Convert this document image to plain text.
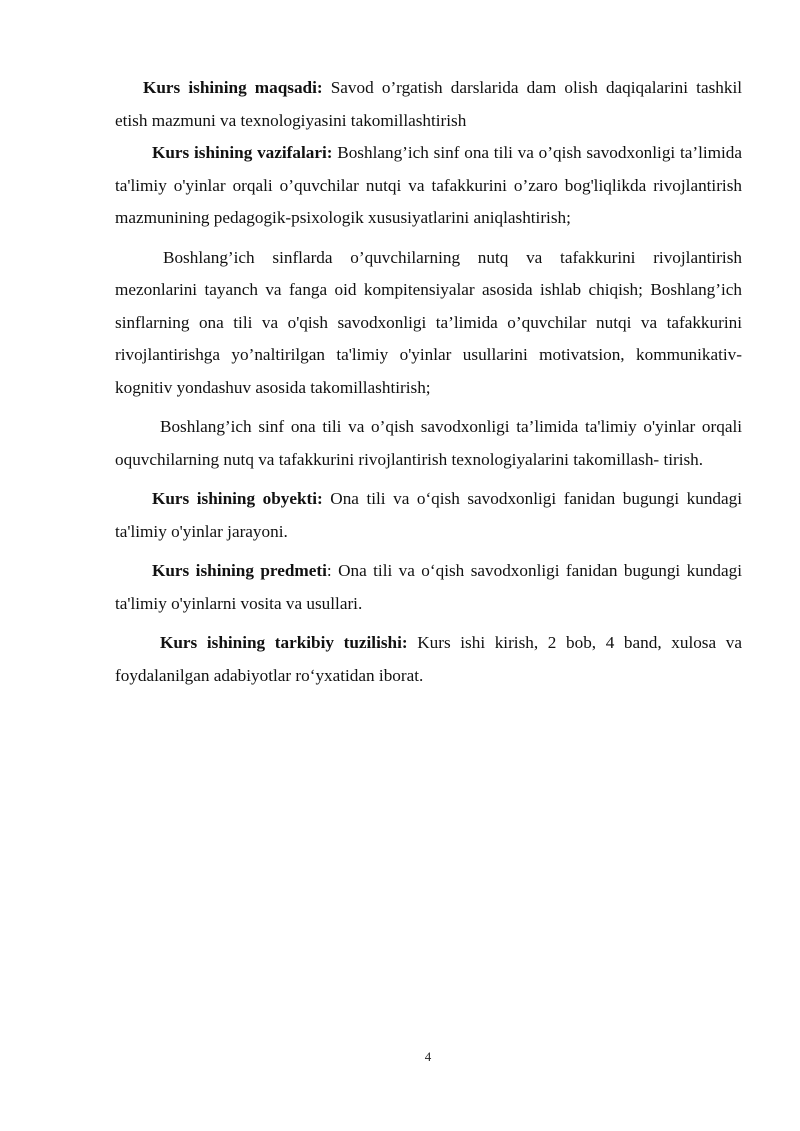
Kurs ishining maqsadi: Savod o’rgatish darslarida dam olish daqiqalarini tashkil etish mazmuni va texnologiyasini takomillashtirish

Kurs ishining vazifalari: Boshlang’ich sinf ona tili va o’qish savodxonligi ta’limida ta'limiy o'yinlar orqali o’quvchilar nutqi va tafakkurini o’zaro bog'liqlikda rivojlantirish mazmunining pedagogik-psixologik xususiyatlarini aniqlashtirish;

Boshlang’ich sinflarda o’quvchilarning nutq va tafakkurini rivojlantirish mezonlarini tayanch va fanga oid kompitensiyalar asosida ishlab chiqish; Boshlang’ich sinflarning ona tili va o'qish savodxonligi ta’limida o’quvchilar nutqi va tafakkurini rivojlantirishga yo’naltirilgan ta'limiy o'yinlar usullarini motivatsion, kommunikativ-kognitiv yondashuv asosida takomillashtirish;

Boshlang’ich sinf ona tili va o’qish savodxonligi ta’limida ta'limiy o'yinlar orqali oquvchilarning nutq va tafakkurini rivojlantirish texnologiyalarini takomillash- tirish.

Kurs ishining obyekti: Ona tili va o‘qish savodxonligi fanidan bugungi kundagi ta'limiy o'yinlar jarayoni.

Kurs ishining predmeti: Ona tili va o‘qish savodxonligi fanidan bugungi kundagi ta'limiy o'yinlarni vosita va usullari.

Kurs ishining tarkibiy tuzilishi: Kurs ishi kirish, 2 bob, 4 band, xulosa va foydalanilgan adabiyotlar ro‘yxatidan iborat.

4
